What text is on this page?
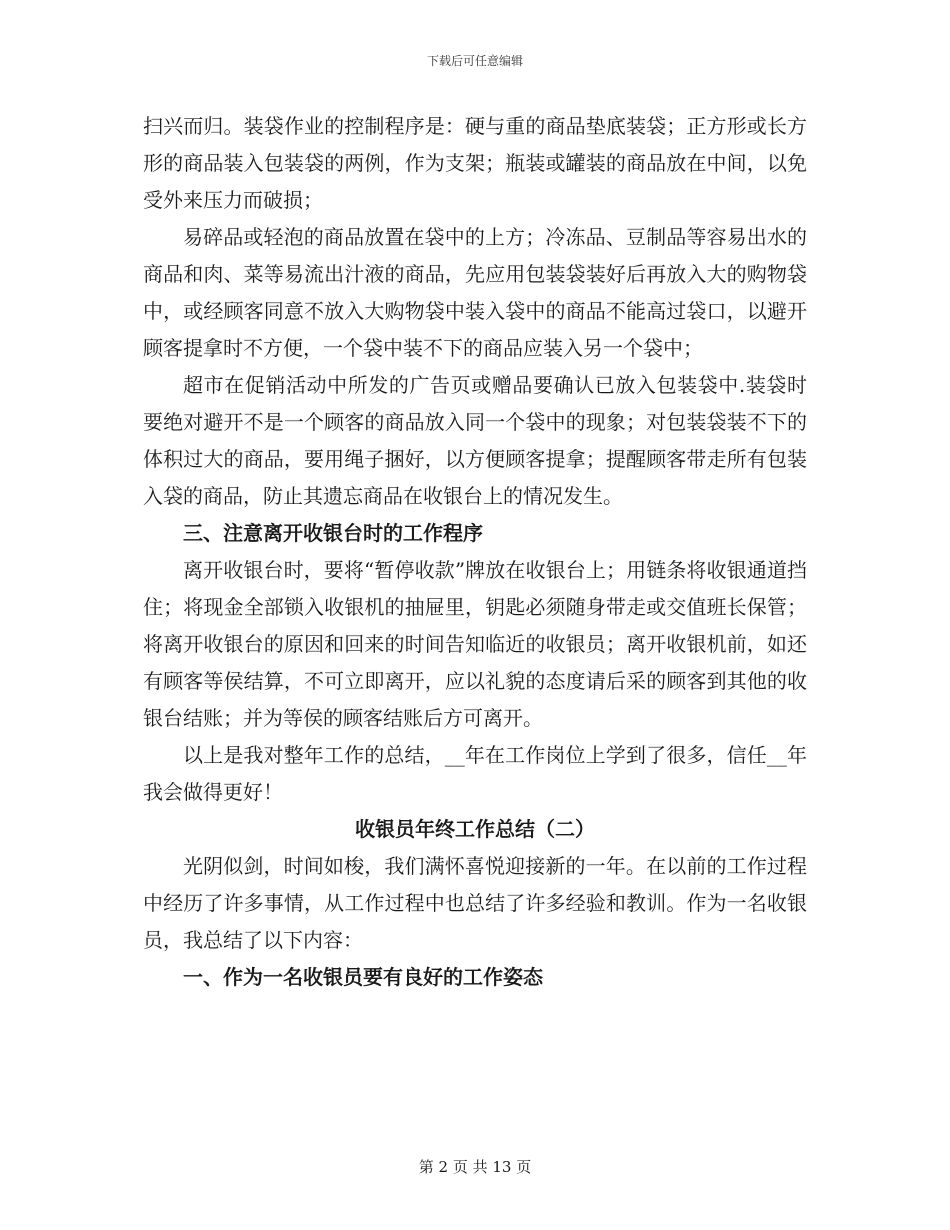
下载后可任意编辑

扫兴而归。装袋作业的控制程序是：硬与重的商品垫底装袋；正方形或长方形的商品装入包装袋的两例，作为支架；瓶装或罐装的商品放在中间，以免受外来压力而破损；

易碎品或轻泡的商品放置在袋中的上方；冷冻品、豆制品等容易出水的商品和肉、菜等易流出汁液的商品，先应用包装袋装好后再放入大的购物袋中，或经顾客同意不放入大购物袋中装入袋中的商品不能高过袋口，以避开顾客提拿时不方便，一个袋中装不下的商品应装入另一个袋中；

超市在促销活动中所发的广告页或赠品要确认已放入包装袋中.装袋时要绝对避开不是一个顾客的商品放入同一个袋中的现象；对包装袋装不下的体积过大的商品，要用绳子捆好，以方便顾客提拿；提醒顾客带走所有包装入袋的商品，防止其遗忘商品在收银台上的情况发生。

三、注意离开收银台时的工作程序

离开收银台时，要将“暂停收款”牌放在收银台上；用链条将收银通道挡住；将现金全部锁入收银机的抽屉里，钥匙必须随身带走或交值班长保管；将离开收银台的原因和回来的时间告知临近的收银员；离开收银机前，如还有顾客等侯结算，不可立即离开，应以礼貌的态度请后采的顾客到其他的收银台结账；并为等侯的顾客结账后方可离开。

以上是我对整年工作的总结，__年在工作岗位上学到了很多，信任__年我会做得更好！

收银员年终工作总结（二）

光阴似剑，时间如梭，我们满怀喜悦迎接新的一年。在以前的工作过程中经历了许多事情，从工作过程中也总结了许多经验和教训。作为一名收银员，我总结了以下内容：

一、作为一名收银员要有良好的工作姿态

第 2 页 共 13 页
